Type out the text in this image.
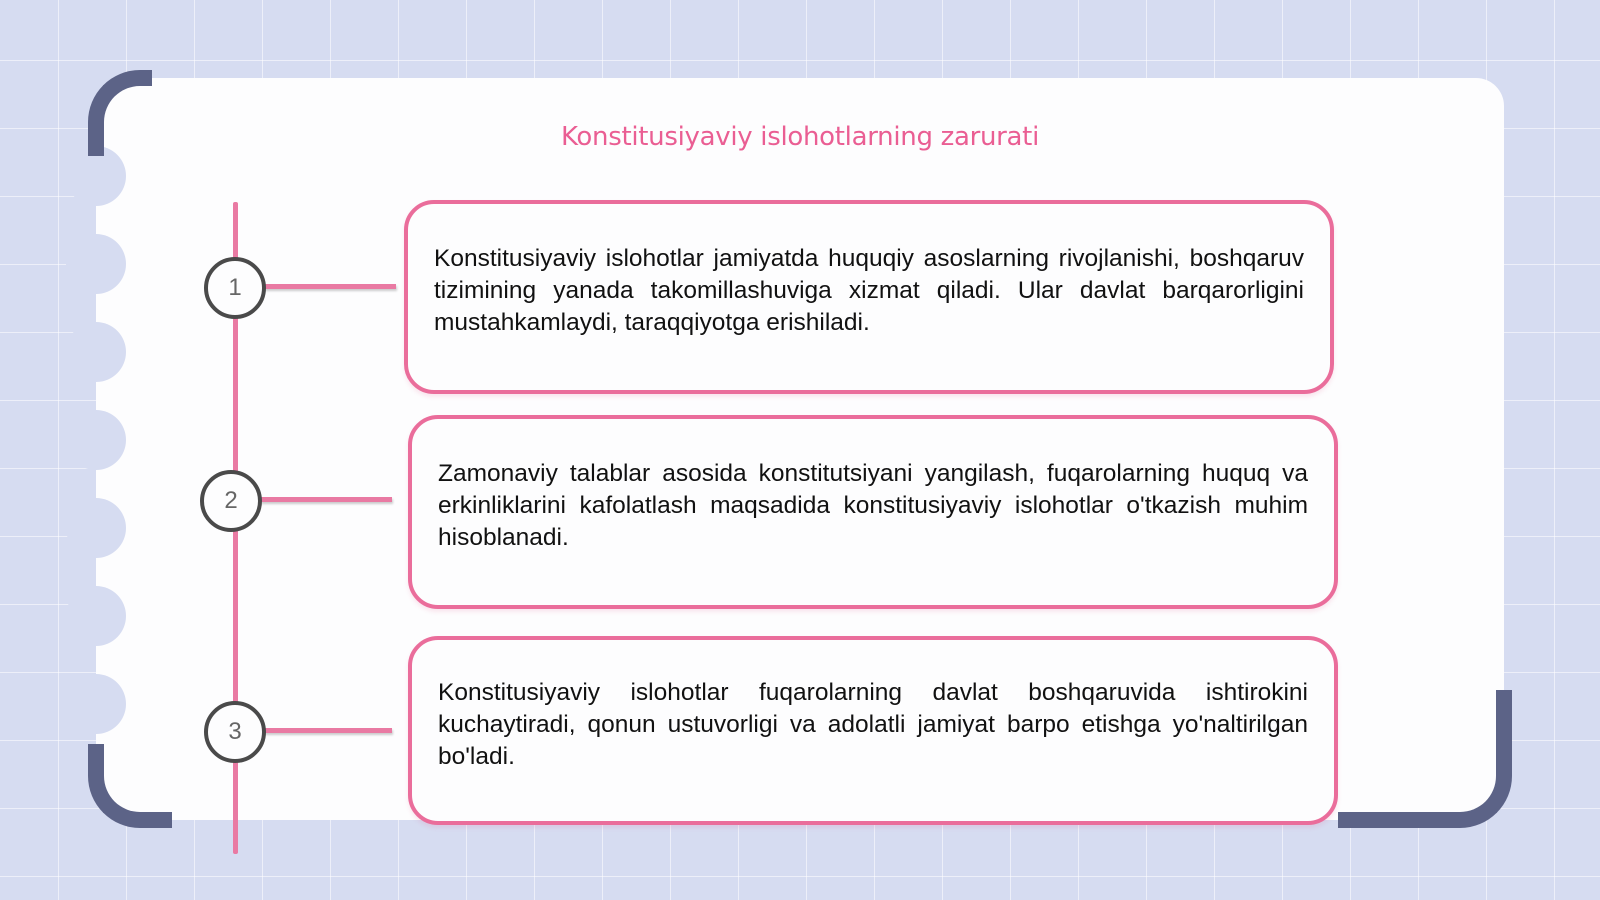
Konstitusiyaviy islohotlarning zarurati
1

Konstitusiyaviy islohotlar jamiyatda huquqiy asoslarning rivojlanishi, boshqaruv tizimining yanada takomillashuviga xizmat qiladi. Ular davlat barqarorligini mustahkamlaydi, taraqqiyotga erishiladi.

2

Zamonaviy talablar asosida konstitutsiyani yangilash, fuqarolarning huquq va erkinliklarini kafolatlash maqsadida konstitusiyaviy islohotlar o'tkazish muhim hisoblanadi.

3

Konstitusiyaviy islohotlar fuqarolarning davlat boshqaruvida ishtirokini kuchaytiradi, qonun ustuvorligi va adolatli jamiyat barpo etishga yo'naltirilgan bo'ladi.
